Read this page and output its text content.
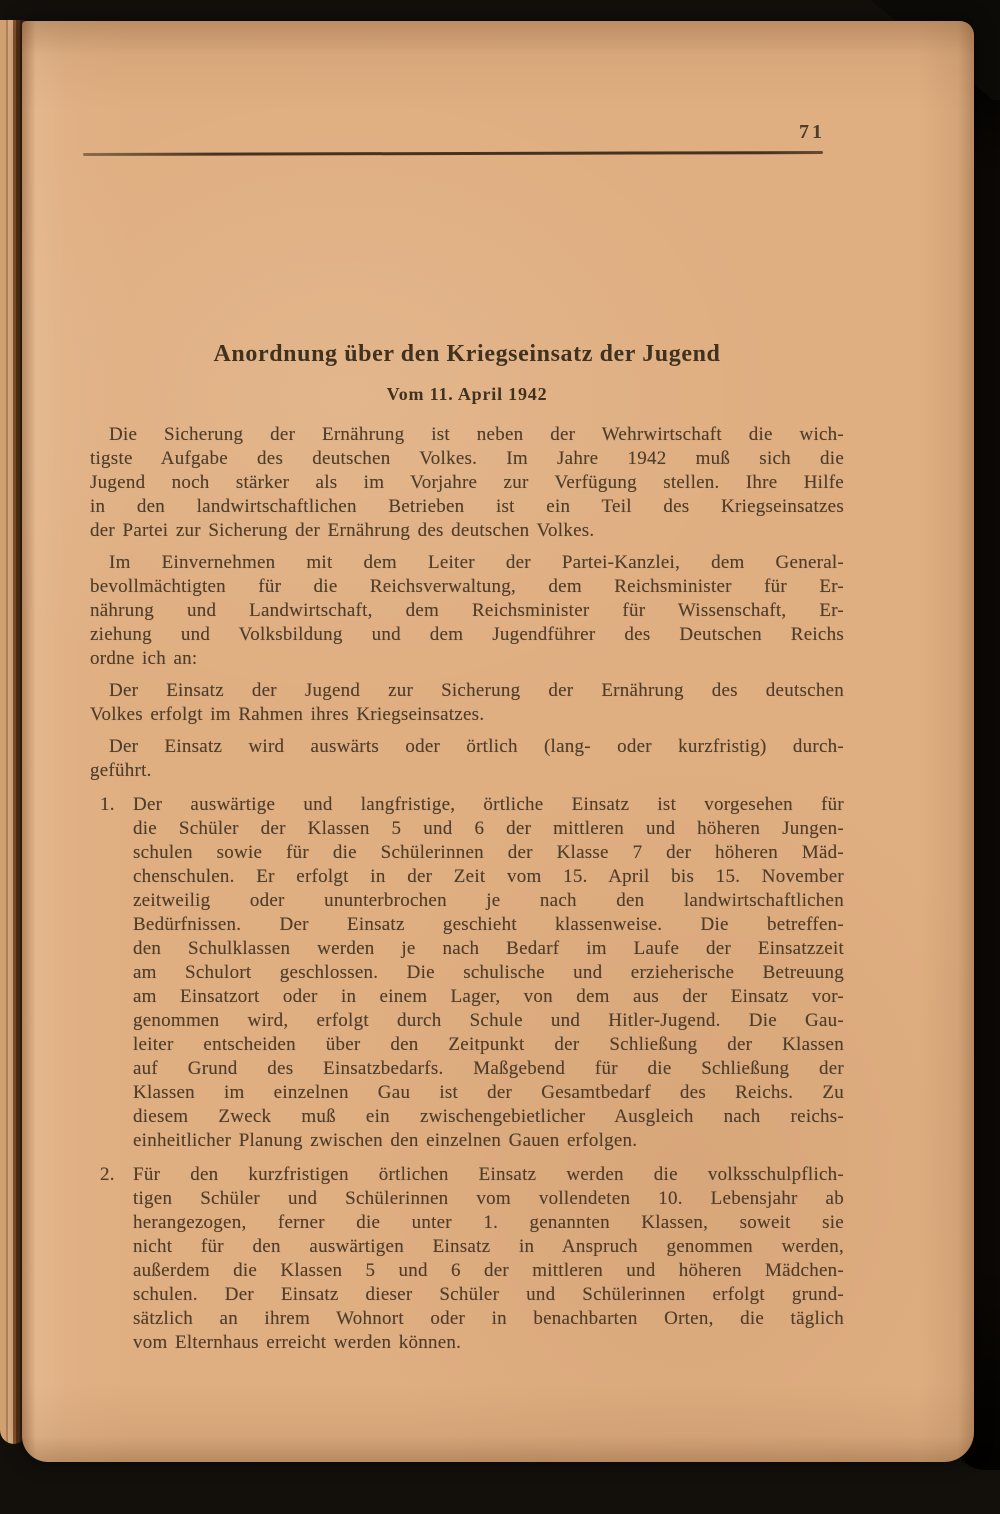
71
Anordnung über den Kriegseinsatz der Jugend
Vom 11. April 1942
Die Sicherung der Ernährung ist neben der Wehrwirtschaft die wich-
tigste Aufgabe des deutschen Volkes. Im Jahre 1942 muß sich die
Jugend noch stärker als im Vorjahre zur Verfügung stellen. Ihre Hilfe
in den landwirtschaftlichen Betrieben ist ein Teil des Kriegseinsatzes
der Partei zur Sicherung der Ernährung des deutschen Volkes.
Im Einvernehmen mit dem Leiter der Partei-Kanzlei, dem General-
bevollmächtigten für die Reichsverwaltung, dem Reichsminister für Er-
nährung und Landwirtschaft, dem Reichsminister für Wissenschaft, Er-
ziehung und Volksbildung und dem Jugendführer des Deutschen Reichs
ordne ich an:
Der Einsatz der Jugend zur Sicherung der Ernährung des deutschen
Volkes erfolgt im Rahmen ihres Kriegseinsatzes.
Der Einsatz wird auswärts oder örtlich (lang- oder kurzfristig) durch-
geführt.
1. Der auswärtige und langfristige, örtliche Einsatz ist vorgesehen für
die Schüler der Klassen 5 und 6 der mittleren und höheren Jungen-
schulen sowie für die Schülerinnen der Klasse 7 der höheren Mäd-
chenschulen. Er erfolgt in der Zeit vom 15. April bis 15. November
zeitweilig oder ununterbrochen je nach den landwirtschaftlichen
Bedürfnissen. Der Einsatz geschieht klassenweise. Die betreffen-
den Schulklassen werden je nach Bedarf im Laufe der Einsatzzeit
am Schulort geschlossen. Die schulische und erzieherische Betreuung
am Einsatzort oder in einem Lager, von dem aus der Einsatz vor-
genommen wird, erfolgt durch Schule und Hitler-Jugend. Die Gau-
leiter entscheiden über den Zeitpunkt der Schließung der Klassen
auf Grund des Einsatzbedarfs. Maßgebend für die Schließung der
Klassen im einzelnen Gau ist der Gesamtbedarf des Reichs. Zu
diesem Zweck muß ein zwischengebietlicher Ausgleich nach reichs-
einheitlicher Planung zwischen den einzelnen Gauen erfolgen.
2. Für den kurzfristigen örtlichen Einsatz werden die volksschulpflich-
tigen Schüler und Schülerinnen vom vollendeten 10. Lebensjahr ab
herangezogen, ferner die unter 1. genannten Klassen, soweit sie
nicht für den auswärtigen Einsatz in Anspruch genommen werden,
außerdem die Klassen 5 und 6 der mittleren und höheren Mädchen-
schulen. Der Einsatz dieser Schüler und Schülerinnen erfolgt grund-
sätzlich an ihrem Wohnort oder in benachbarten Orten, die täglich
vom Elternhaus erreicht werden können.
